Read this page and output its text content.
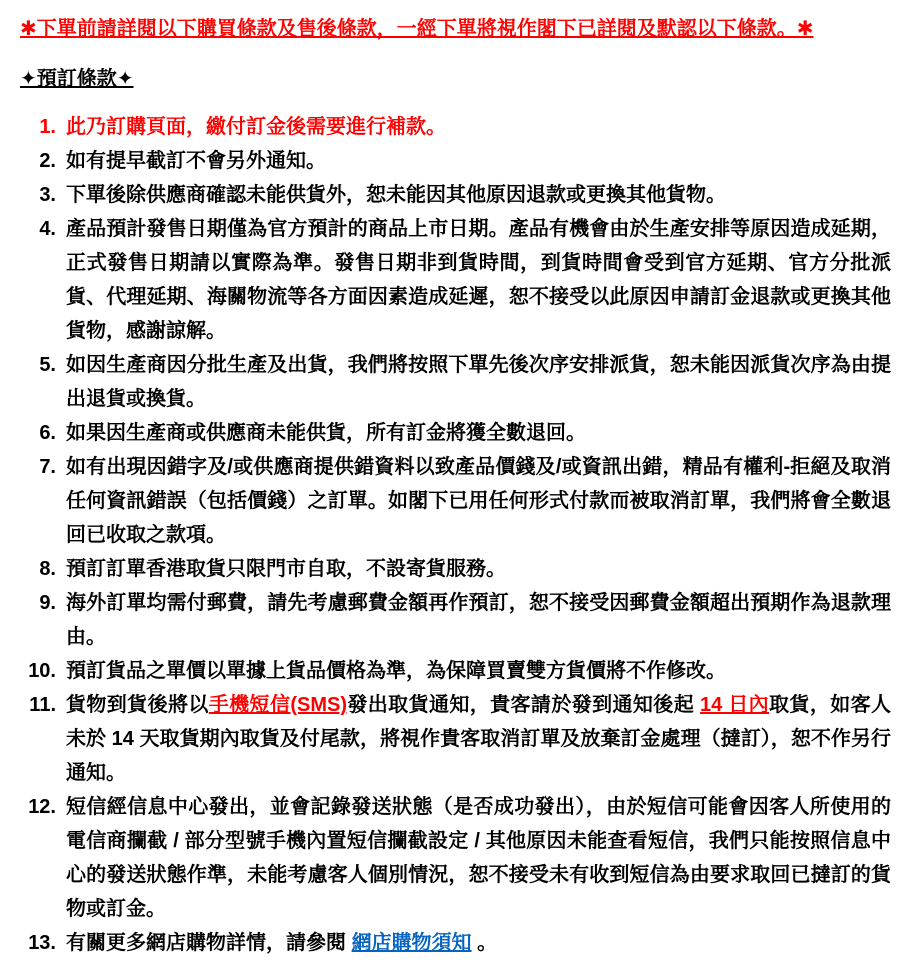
✱下單前請詳閱以下購買條款及售後條款，一經下單將視作閣下已詳閱及默認以下條款。✱

✦預訂條款✦

1. 此乃訂購頁面，繳付訂金後需要進行補款。
2. 如有提早截訂不會另外通知。
3. 下單後除供應商確認未能供貨外，恕未能因其他原因退款或更換其他貨物。
4. 產品預計發售日期僅為官方預計的商品上市日期。產品有機會由於生產安排等原因造成延期，正式發售日期請以實際為準。發售日期非到貨時間，到貨時間會受到官方延期、官方分批派貨、代理延期、海關物流等各方面因素造成延遲，恕不接受以此原因申請訂金退款或更換其他貨物，感謝諒解。
5. 如因生產商因分批生產及出貨，我們將按照下單先後次序安排派貨，恕未能因派貨次序為由提出退貨或換貨。
6. 如果因生產商或供應商未能供貨，所有訂金將獲全數退回。
7. 如有出現因錯字及/或供應商提供錯資料以致產品價錢及/或資訊出錯，精品有權利-拒絕及取消任何資訊錯誤（包括價錢）之訂單。如閣下已用任何形式付款而被取消訂單，我們將會全數退回已收取之款項。
8. 預訂訂單香港取貨只限門市自取，不設寄貨服務。
9. 海外訂單均需付郵費，請先考慮郵費金額再作預訂，恕不接受因郵費金額超出預期作為退款理由。
10. 預訂貨品之單價以單據上貨品價格為準，為保障買賣雙方貨價將不作修改。
11. 貨物到貨後將以手機短信(SMS)發出取貨通知，貴客請於發到通知後起 14 日內取貨，如客人未於 14 天取貨期內取貨及付尾款，將視作貴客取消訂單及放棄訂金處理（撻訂），恕不作另行通知。
12. 短信經信息中心發出，並會記錄發送狀態（是否成功發出），由於短信可能會因客人所使用的電信商攔截 / 部分型號手機內置短信攔截設定 / 其他原因未能查看短信，我們只能按照信息中心的發送狀態作準，未能考慮客人個別情況，恕不接受未有收到短信為由要求取回已撻訂的貨物或訂金。
13. 有關更多網店購物詳情，請參閱 網店購物須知 。
